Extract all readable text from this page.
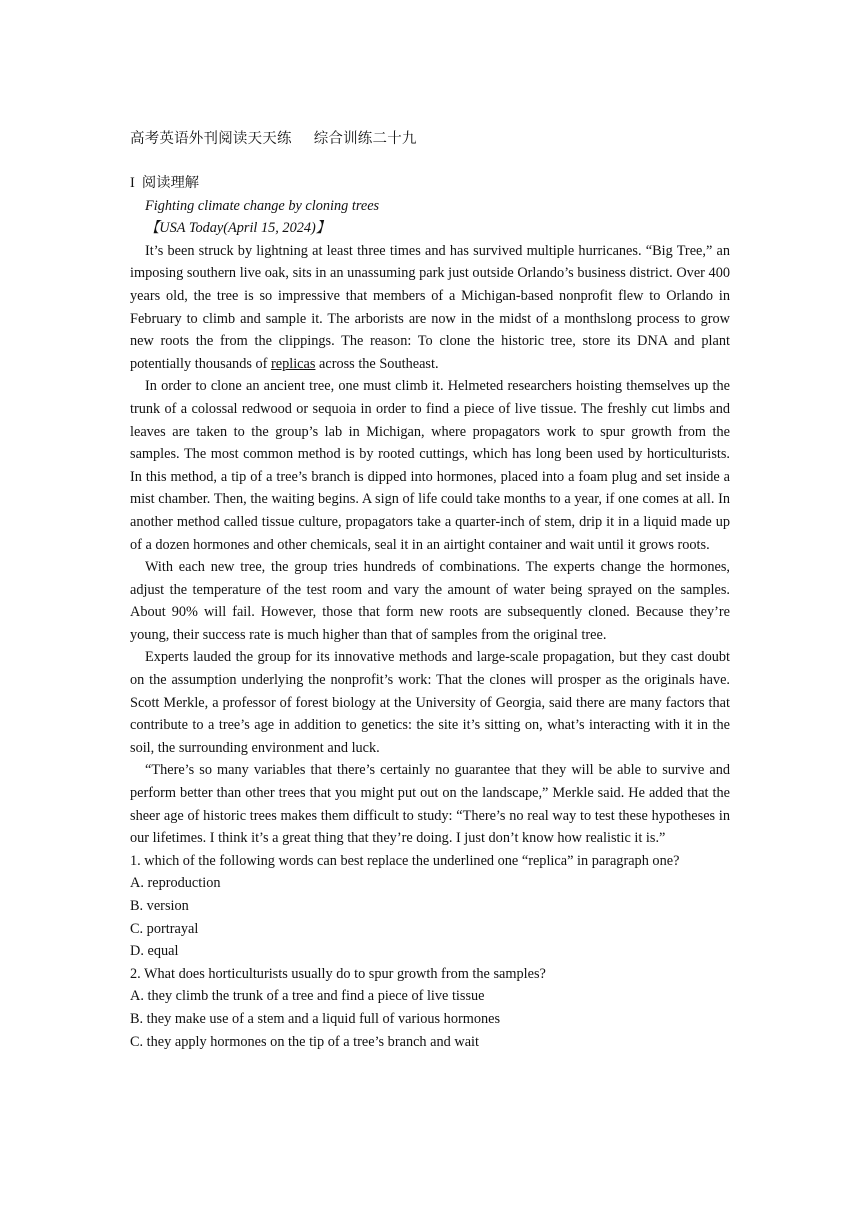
高考英语外刊阅读天天练 综合训练二十九
I 阅读理解
Fighting climate change by cloning trees
【USA Today(April 15, 2024)】

It’s been struck by lightning at least three times and has survived multiple hurricanes. “Big Tree,” an imposing southern live oak, sits in an unassuming park just outside Orlando’s business district. Over 400 years old, the tree is so impressive that members of a Michigan-based nonprofit flew to Orlando in February to climb and sample it. The arborists are now in the midst of a monthslong process to grow new roots the from the clippings. The reason: To clone the historic tree, store its DNA and plant potentially thousands of replicas across the Southeast.

In order to clone an ancient tree, one must climb it. Helmeted researchers hoisting themselves up the trunk of a colossal redwood or sequoia in order to find a piece of live tissue. The freshly cut limbs and leaves are taken to the group’s lab in Michigan, where propagators work to spur growth from the samples. The most common method is by rooted cuttings, which has long been used by horticulturists. In this method, a tip of a tree’s branch is dipped into hormones, placed into a foam plug and set inside a mist chamber. Then, the waiting begins. A sign of life could take months to a year, if one comes at all. In another method called tissue culture, propagators take a quarter-inch of stem, drip it in a liquid made up of a dozen hormones and other chemicals, seal it in an airtight container and wait until it grows roots.

With each new tree, the group tries hundreds of combinations. The experts change the hormones, adjust the temperature of the test room and vary the amount of water being sprayed on the samples. About 90% will fail. However, those that form new roots are subsequently cloned. Because they’re young, their success rate is much higher than that of samples from the original tree.

Experts lauded the group for its innovative methods and large-scale propagation, but they cast doubt on the assumption underlying the nonprofit’s work: That the clones will prosper as the originals have. Scott Merkle, a professor of forest biology at the University of Georgia, said there are many factors that contribute to a tree’s age in addition to genetics: the site it’s sitting on, what’s interacting with it in the soil, the surrounding environment and luck.

“There’s so many variables that there’s certainly no guarantee that they will be able to survive and perform better than other trees that you might put out on the landscape,” Merkle said. He added that the sheer age of historic trees makes them difficult to study: “There’s no real way to test these hypotheses in our lifetimes. I think it’s a great thing that they’re doing. I just don’t know how realistic it is.”

1. which of the following words can best replace the underlined one “replica” in paragraph one?

A. reproduction

B. version

C. portrayal

D. equal

2. What does horticulturists usually do to spur growth from the samples?

A. they climb the trunk of a tree and find a piece of live tissue

B. they make use of a stem and a liquid full of various hormones

C. they apply hormones on the tip of a tree’s branch and wait
